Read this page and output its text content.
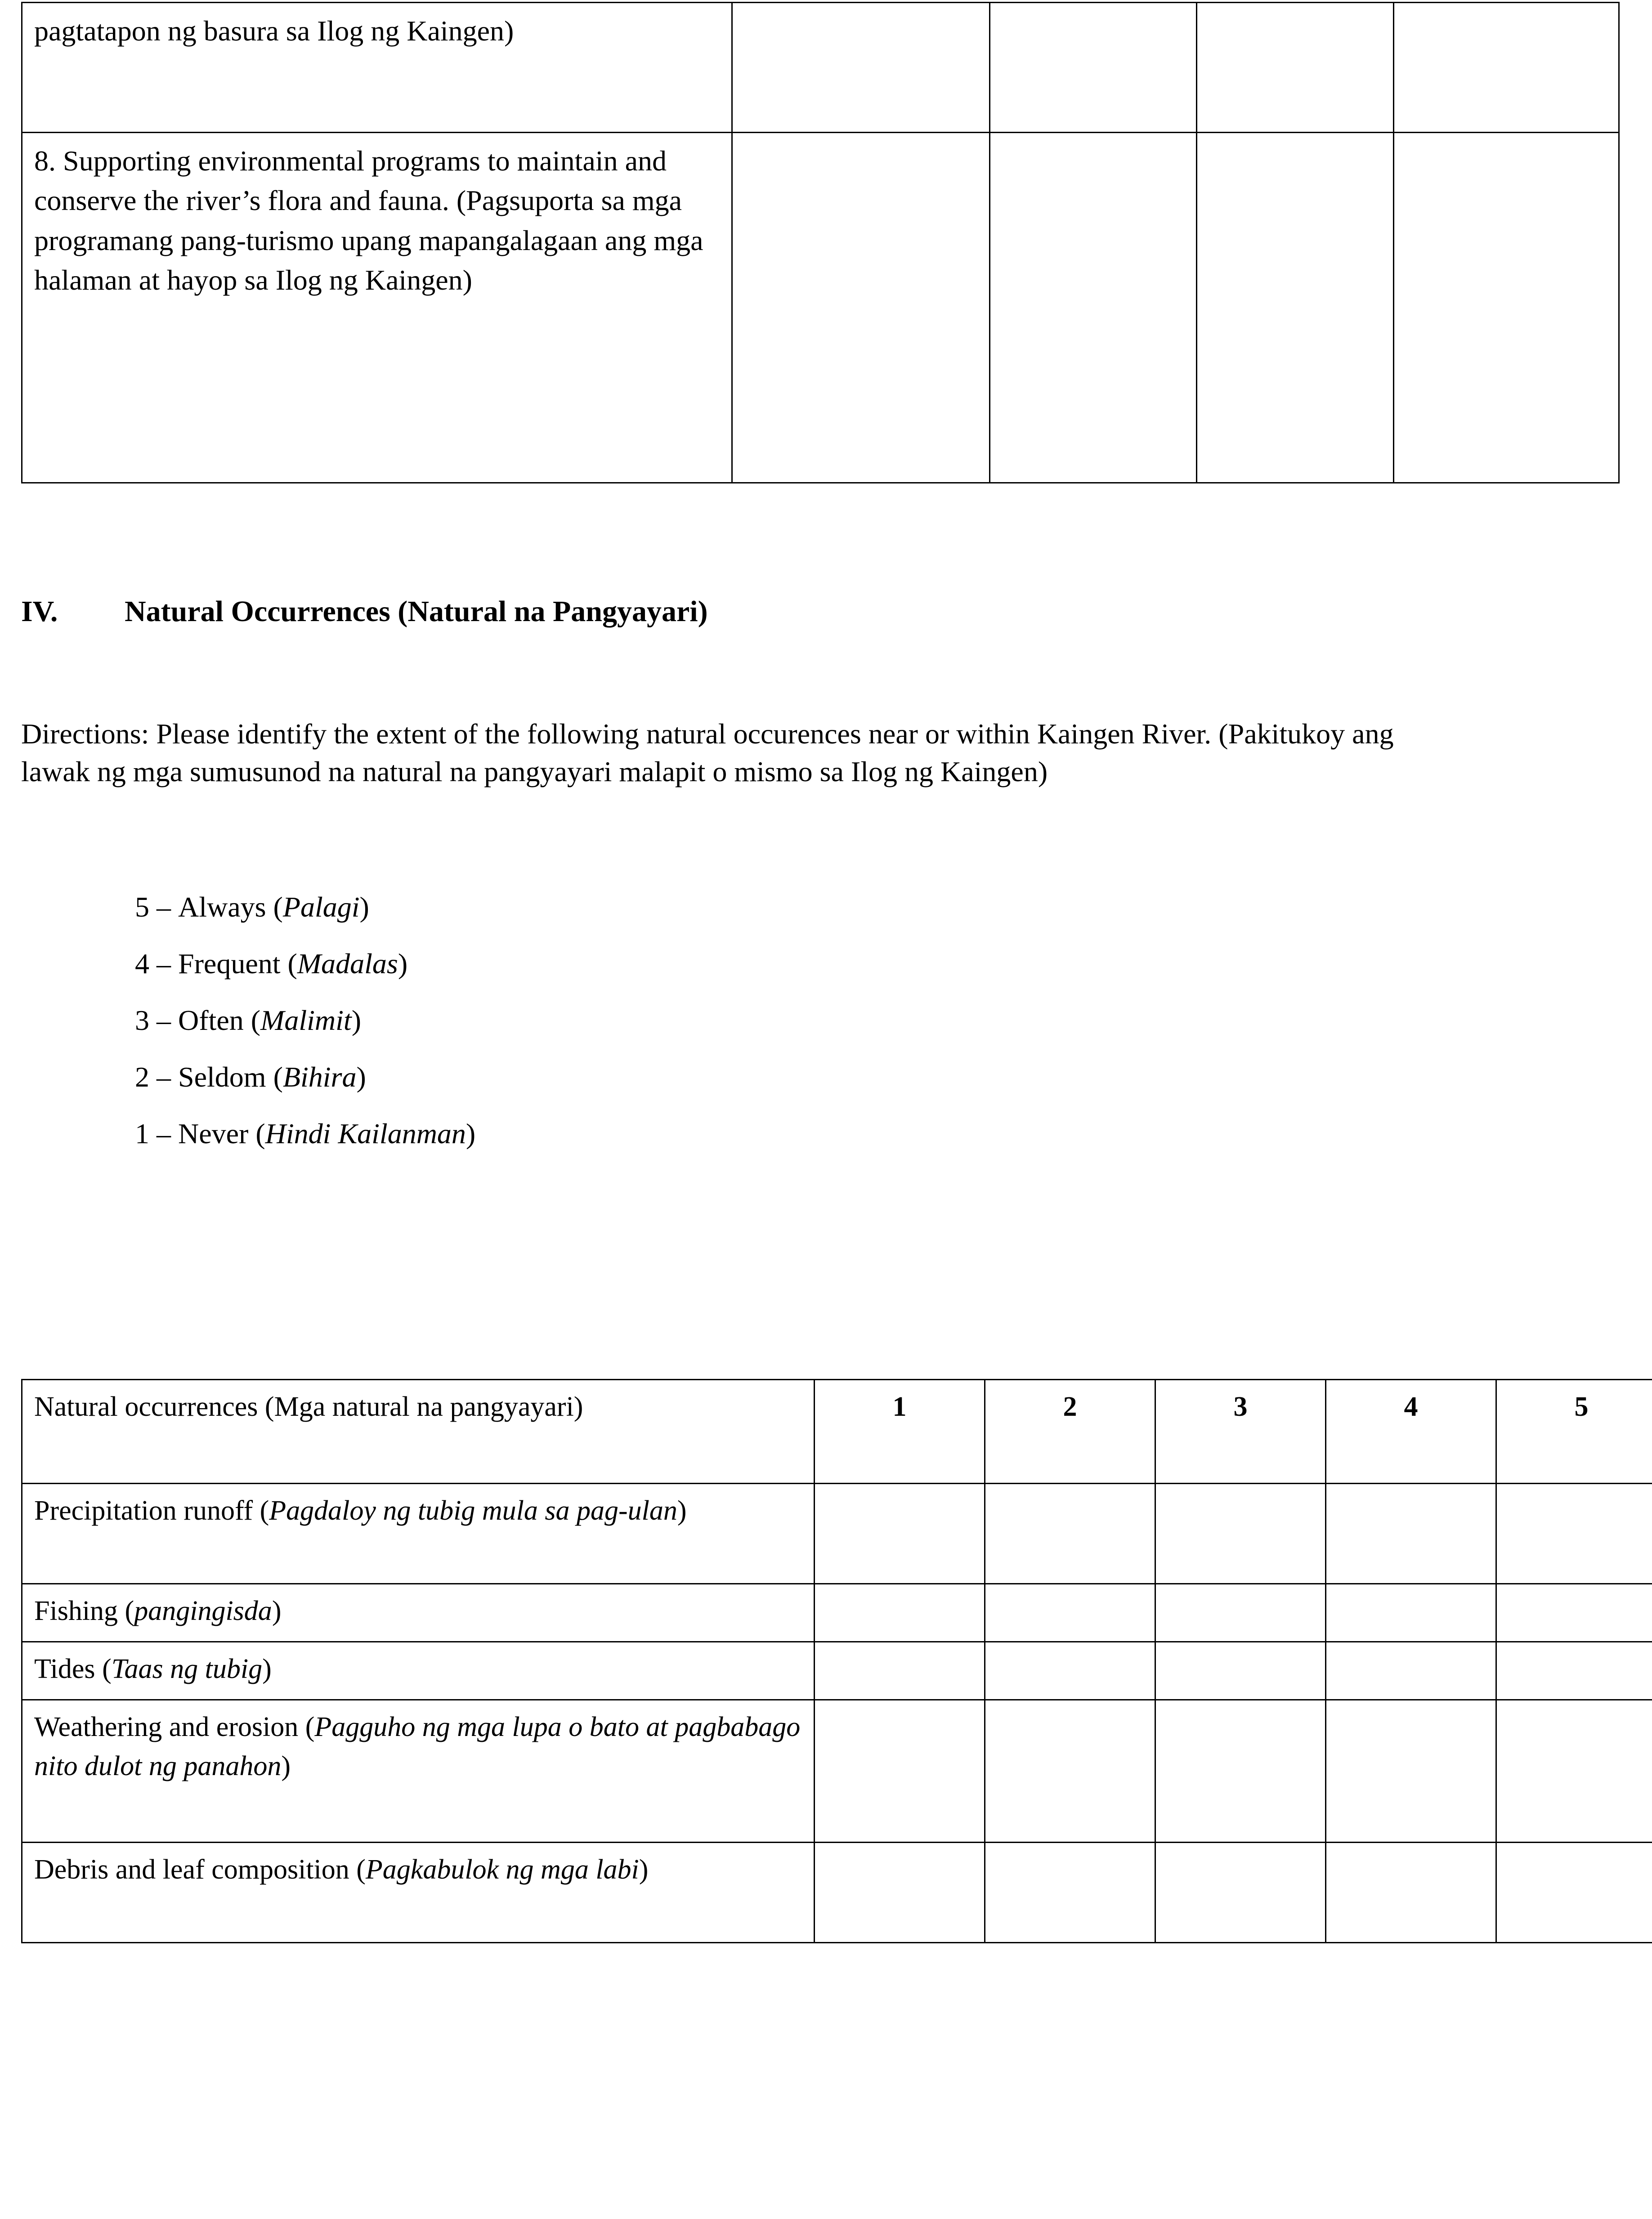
pagtatapon ng basura sa Ilog ng Kaingen)				
8. Supporting environmental programs to maintain and conserve the river’s flora and fauna. (Pagsuporta sa mga programang pang-turismo upang mapangalagaan ang mga halaman at hayop sa Ilog ng Kaingen)				
IV. Natural Occurrences (Natural na Pangyayari)
Directions: Please identify the extent of the following natural occurences near or within Kaingen River. (Pakitukoy ang lawak ng mga sumusunod na natural na pangyayari malapit o mismo sa Ilog ng Kaingen)
5 – Always (Palagi)
4 – Frequent (Madalas)
3 – Often (Malimit)
2 – Seldom (Bihira)
1 – Never (Hindi Kailanman)
Natural occurrences (Mga natural na pangyayari)	1	2	3	4	5
Precipitation runoff (Pagdaloy ng tubig mula sa pag-ulan)					
Fishing (pangingisda)					
Tides (Taas ng tubig)					
Weathering and erosion (Pagguho ng mga lupa o bato at pagbabago nito dulot ng panahon)					
Debris and leaf composition (Pagkabulok ng mga labi)					
